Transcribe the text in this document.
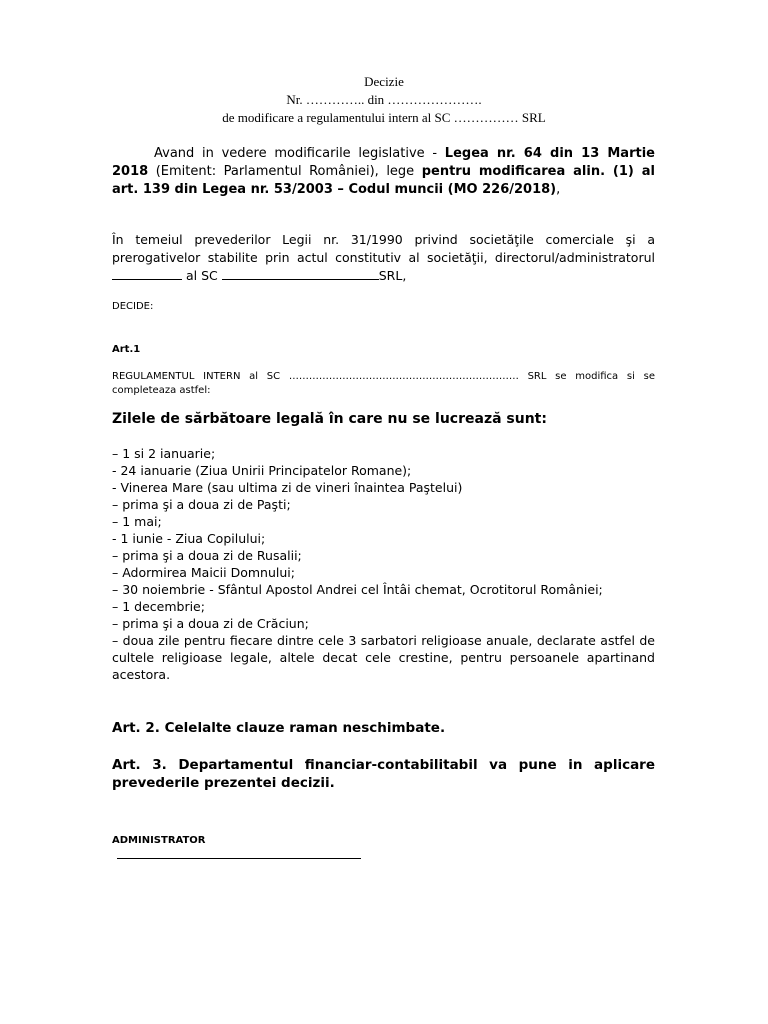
Decizie
Nr. ………….. din ………………….
de modificare a regulamentului intern al SC …………… SRL
Avand in vedere modificarile legislative - Legea nr. 64 din 13 Martie 2018 (Emitent: Parlamentul României), lege pentru modificarea alin. (1) al art. 139 din Legea nr. 53/2003 – Codul muncii (MO 226/2018),
În temeiul prevederilor Legii nr. 31/1990 privind societăţile comerciale şi a prerogativelor stabilite prin actul constitutiv al societăţii, directorul/administratorul  al SC	SRL,
DECIDE:
Art.1
REGULAMENTUL INTERN al SC …………………………………………………………… SRL se modifica si se completeaza astfel:
Zilele de sărbătoare legală în care nu se lucrează sunt:
– 1 si 2 ianuarie;
- 24 ianuarie (Ziua Unirii Principatelor Romane);
- Vinerea Mare (sau ultima zi de vineri înaintea Paştelui)
– prima şi a doua zi de Paşti;
– 1 mai;
- 1 iunie - Ziua Copilului;
– prima şi a doua zi de Rusalii;
– Adormirea Maicii Domnului;
– 30 noiembrie - Sfântul Apostol Andrei cel Întâi chemat, Ocrotitorul României;
– 1 decembrie;
– prima şi a doua zi de Crăciun;
– doua zile pentru fiecare dintre cele 3 sarbatori religioase anuale, declarate astfel de cultele religioase legale, altele decat cele crestine, pentru persoanele apartinand acestora.
Art. 2. Celelalte clauze raman neschimbate.
Art. 3. Departamentul financiar-contabilitabil va pune in aplicare prevederile prezentei decizii.
ADMINISTRATOR
